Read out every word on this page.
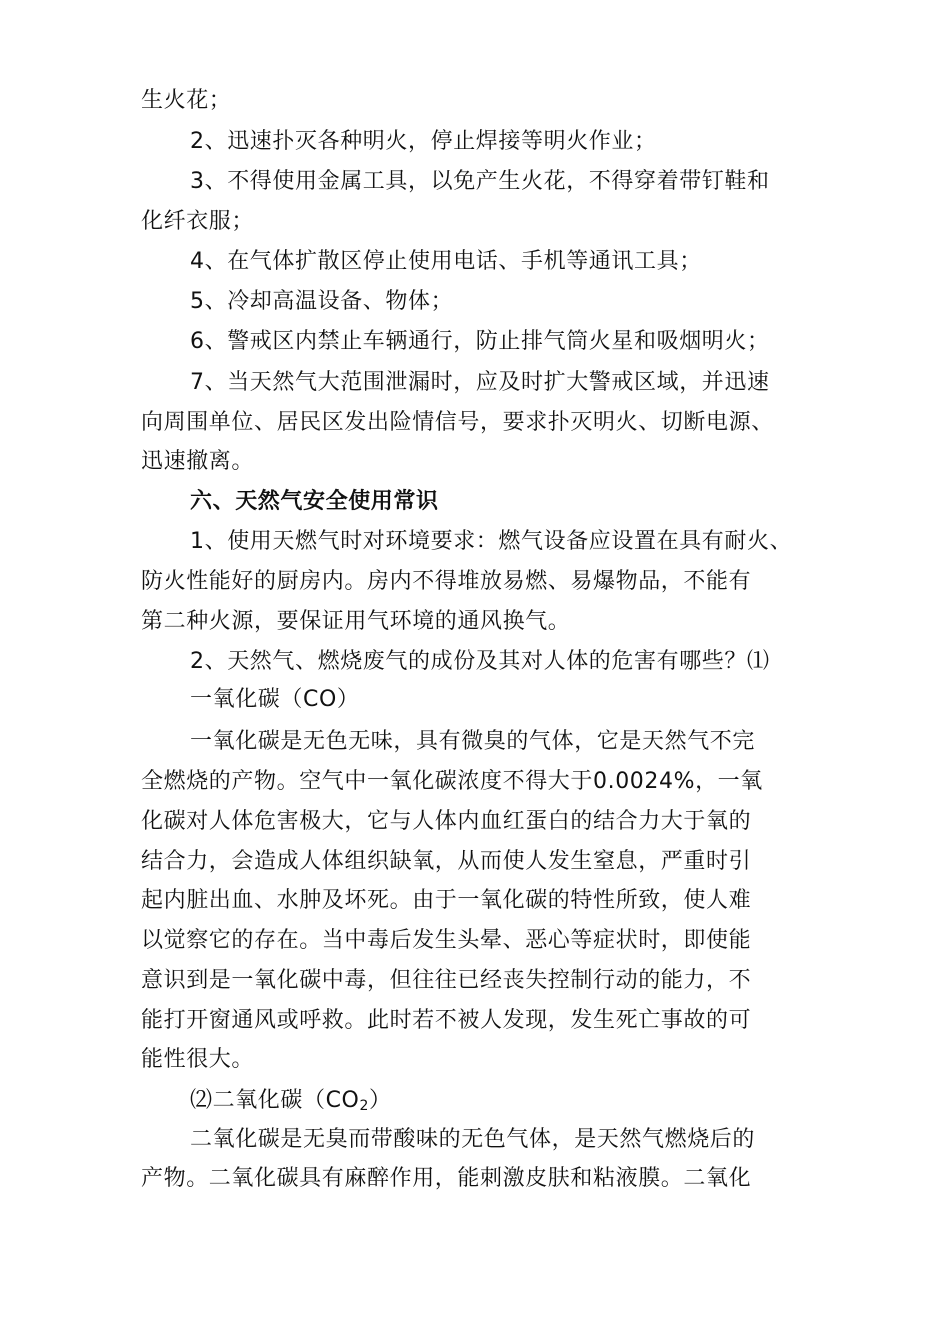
生火花；
2、迅速扑灭各种明火，停止焊接等明火作业；
3、不得使用金属工具，以免产生火花，不得穿着带钉鞋和
化纤衣服；
4、在气体扩散区停止使用电话、手机等通讯工具；
5、冷却高温设备、物体；
6、警戒区内禁止车辆通行，防止排气筒火星和吸烟明火；
7、当天然气大范围泄漏时，应及时扩大警戒区域，并迅速
向周围单位、居民区发出险情信号，要求扑灭明火、切断电源、
迅速撤离。
六、天然气安全使用常识
1、使用天燃气时对环境要求：燃气设备应设置在具有耐火、
防火性能好的厨房内。房内不得堆放易燃、易爆物品，不能有
第二种火源，要保证用气环境的通风换气。
2、天然气、燃烧废气的成份及其对人体的危害有哪些？⑴
一氧化碳（CO）
一氧化碳是无色无味，具有微臭的气体，它是天然气不完
全燃烧的产物。空气中一氧化碳浓度不得大于0.0024%，一氧
化碳对人体危害极大，它与人体内血红蛋白的结合力大于氧的
结合力，会造成人体组织缺氧，从而使人发生窒息，严重时引
起内脏出血、水肿及坏死。由于一氧化碳的特性所致，使人难
以觉察它的存在。当中毒后发生头晕、恶心等症状时，即使能
意识到是一氧化碳中毒，但往往已经丧失控制行动的能力，不
能打开窗通风或呼救。此时若不被人发现，发生死亡事故的可
能性很大。
⑵二氧化碳$(CO_2)$
二氧化碳是无臭而带酸味的无色气体，是天然气燃烧后的
产物。二氧化碳具有麻醉作用，能刺激皮肤和粘液膜。二氧化
